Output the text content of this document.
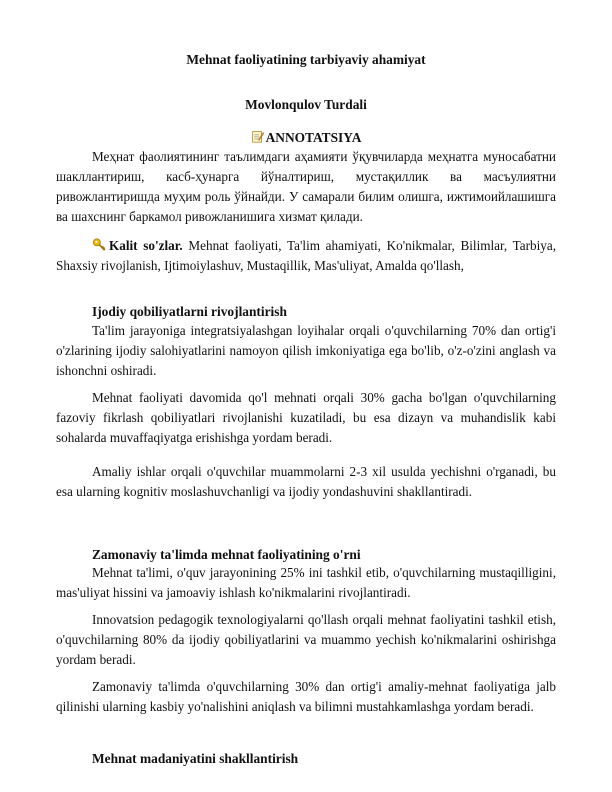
Mehnat faoliyatining tarbiyaviy ahamiyat
Movlonqulov Turdali
ANNOTATSIYA

Меҳнат фаолиятининг таълимдаги аҳамияти ўқувчиларда меҳнатга муносабатни шакллантириш, касб-ҳунарга йўналтириш, мустақиллик ва масъулиятни ривожлантиришда муҳим роль ўйнайди. У самарали билим олишга, ижтимоийлашишга ва шахснинг баркамол ривожланишига хизмат қилади.

Kalit so'zlar. Mehnat faoliyati, Ta'lim ahamiyati, Ko'nikmalar, Bilimlar, Tarbiya, Shaxsiy rivojlanish, Ijtimoiylashuv, Mustaqillik, Mas'uliyat, Amalda qo'llash,

Ijodiy qobiliyatlarni rivojlantirish

Ta'lim jarayoniga integratsiyalashgan loyihalar orqali o'quvchilarning 70% dan ortig'i o'zlarining ijodiy salohiyatlarini namoyon qilish imkoniyatiga ega bo'lib, o'z-o'zini anglash va ishonchni oshiradi.

Mehnat faoliyati davomida qo'l mehnati orqali 30% gacha bo'lgan o'quvchilarning fazoviy fikrlash qobiliyatlari rivojlanishi kuzatiladi, bu esa dizayn va muhandislik kabi sohalarda muvaffaqiyatga erishishga yordam beradi.

Amaliy ishlar orqali o'quvchilar muammolarni 2-3 xil usulda yechishni o'rganadi, bu esa ularning kognitiv moslashuvchanligi va ijodiy yondashuvini shakllantiradi.

Zamonaviy ta'limda mehnat faoliyatining o'rni

Mehnat ta'limi, o'quv jarayonining 25% ini tashkil etib, o'quvchilarning mustaqilligini, mas'uliyat hissini va jamoaviy ishlash ko'nikmalarini rivojlantiradi.

Innovatsion pedagogik texnologiyalarni qo'llash orqali mehnat faoliyatini tashkil etish, o'quvchilarning 80% da ijodiy qobiliyatlarini va muammo yechish ko'nikmalarini oshirishga yordam beradi.

Zamonaviy ta'limda o'quvchilarning 30% dan ortig'i amaliy-mehnat faoliyatiga jalb qilinishi ularning kasbiy yo'nalishini aniqlash va bilimni mustahkamlashga yordam beradi.

Mehnat madaniyatini shakllantirish
